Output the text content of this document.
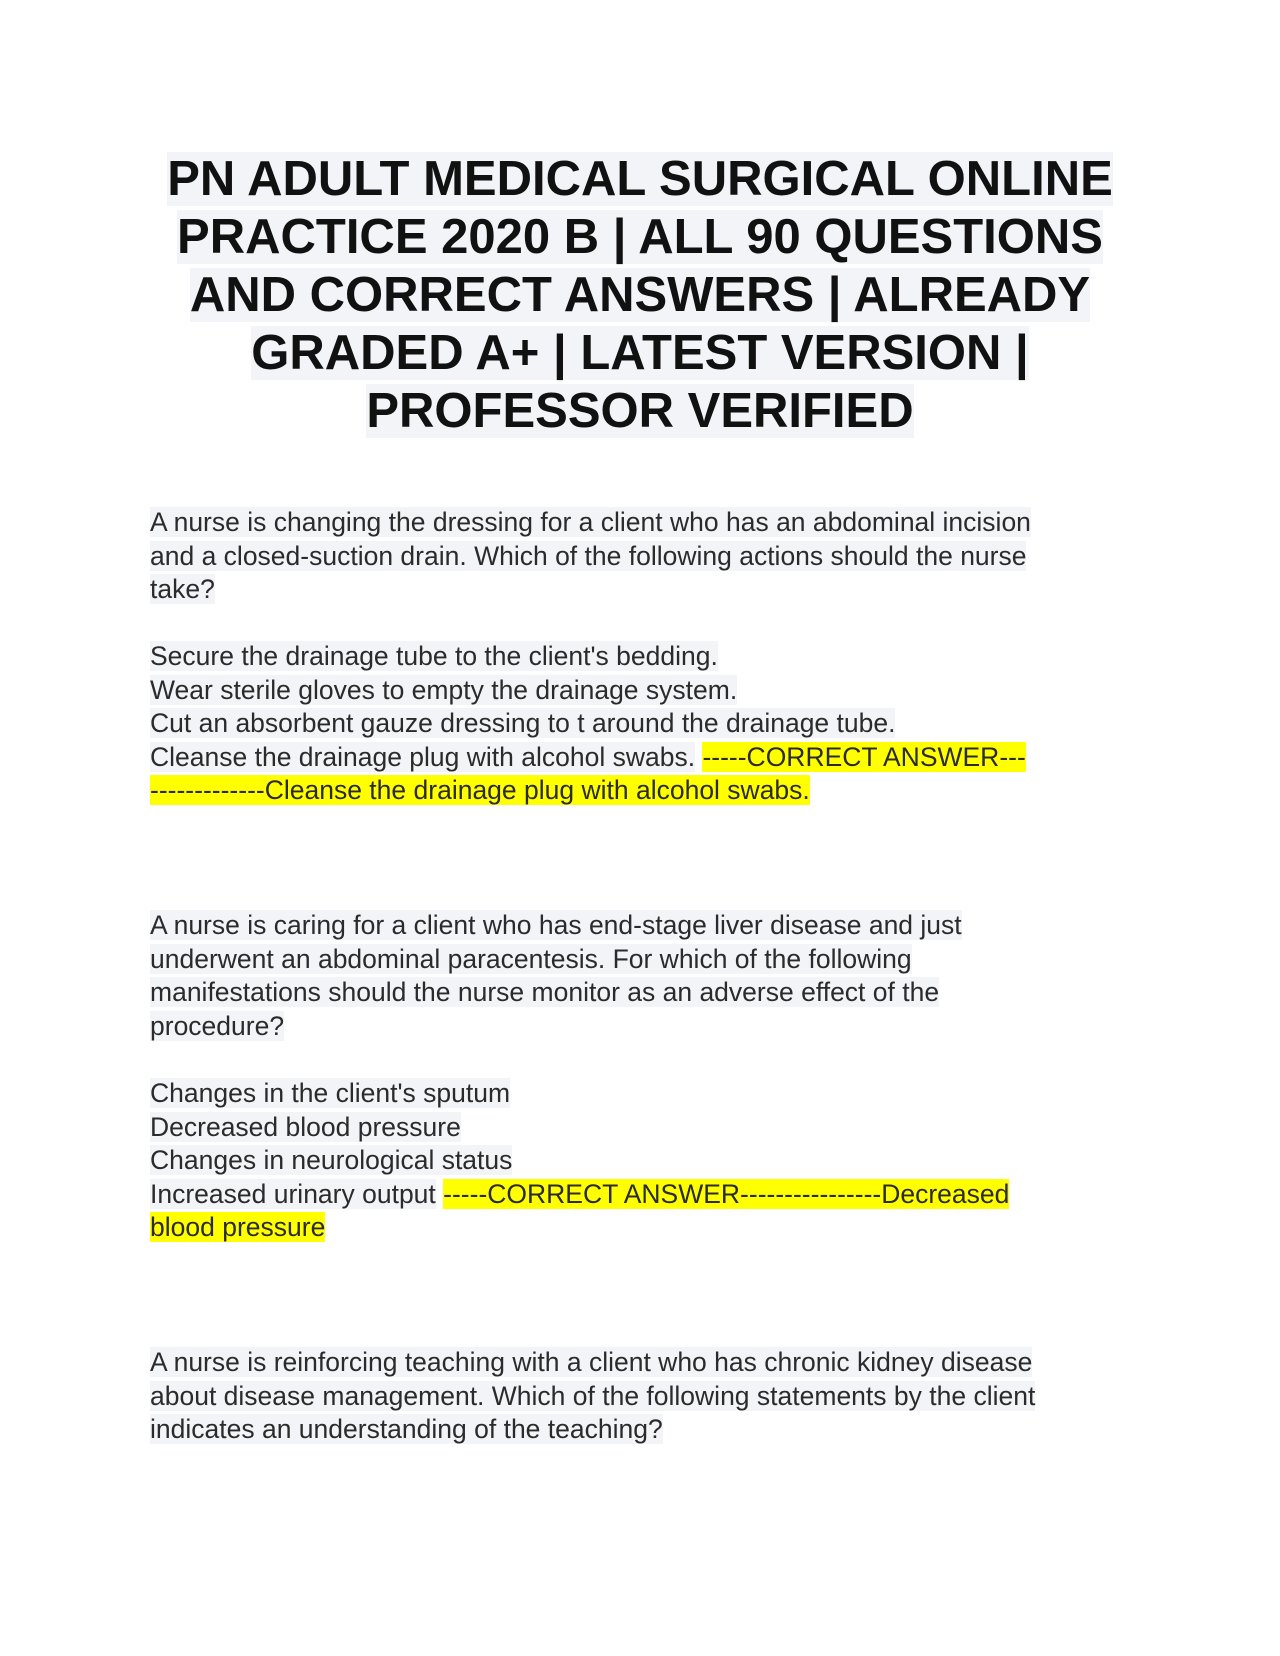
PN ADULT MEDICAL SURGICAL ONLINE
PRACTICE 2020 B | ALL 90 QUESTIONS
AND CORRECT ANSWERS | ALREADY
GRADED A+ | LATEST VERSION |
PROFESSOR VERIFIED
A nurse is changing the dressing for a client who has an abdominal incision
and a closed-suction drain. Which of the following actions should the nurse
take?
Secure the drainage tube to the client's bedding.
Wear sterile gloves to empty the drainage system.
Cut an absorbent gauze dressing to t around the drainage tube.
Cleanse the drainage plug with alcohol swabs. -----CORRECT ANSWER---
-------------Cleanse the drainage plug with alcohol swabs.
A nurse is caring for a client who has end-stage liver disease and just
underwent an abdominal paracentesis. For which of the following
manifestations should the nurse monitor as an adverse effect of the
procedure?
Changes in the client's sputum
Decreased blood pressure
Changes in neurological status
Increased urinary output -----CORRECT ANSWER----------------Decreased
blood pressure
A nurse is reinforcing teaching with a client who has chronic kidney disease
about disease management. Which of the following statements by the client
indicates an understanding of the teaching?
